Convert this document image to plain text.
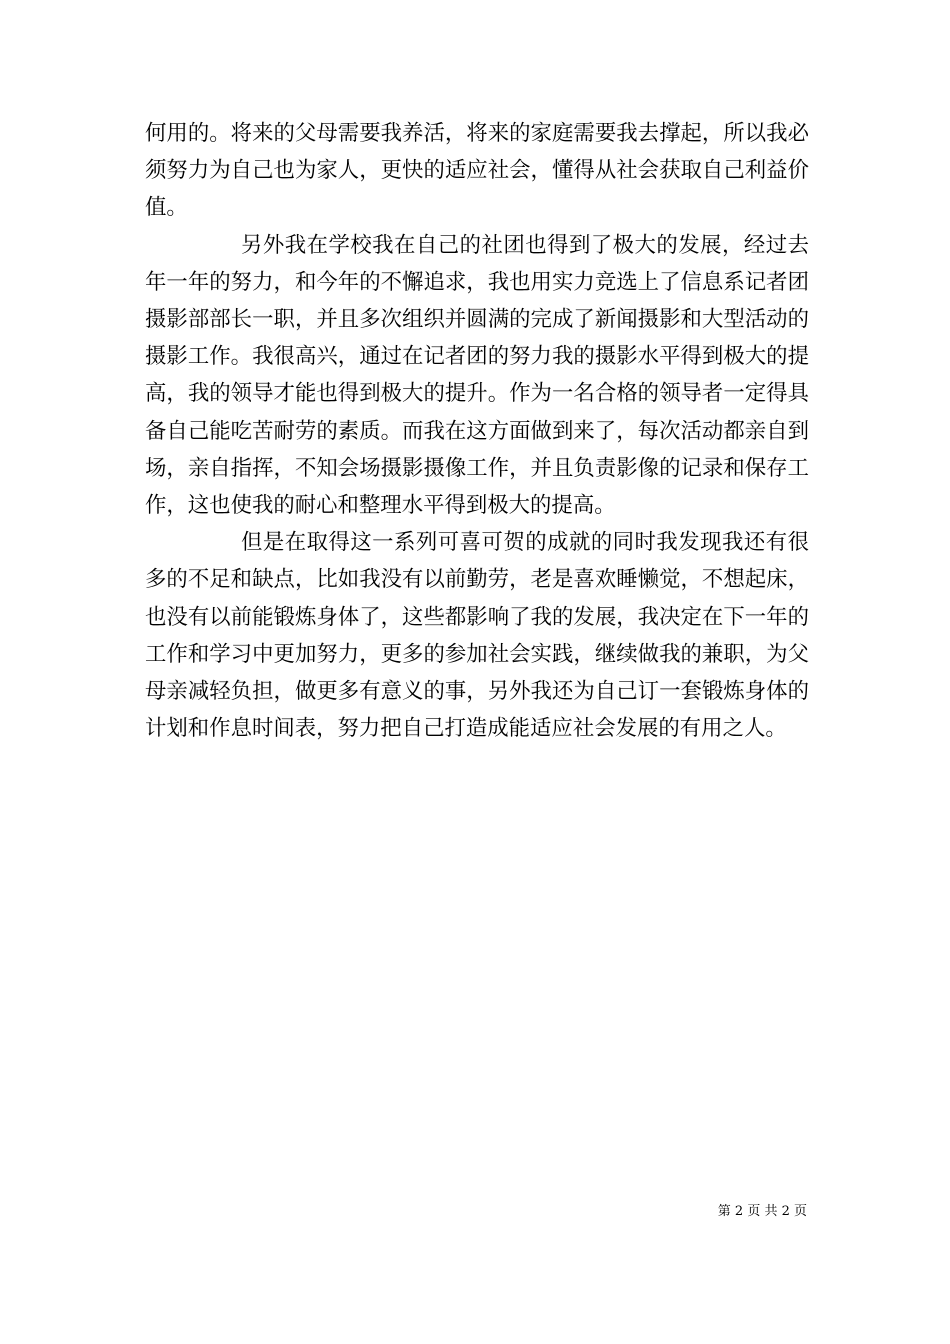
何用的。将来的父母需要我养活，将来的家庭需要我去撑起，所以我必须努力为自己也为家人，更快的适应社会，懂得从社会获取自己利益价值。

另外我在学校我在自己的社团也得到了极大的发展，经过去年一年的努力，和今年的不懈追求，我也用实力竞选上了信息系记者团摄影部部长一职，并且多次组织并圆满的完成了新闻摄影和大型活动的摄影工作。我很高兴，通过在记者团的努力我的摄影水平得到极大的提高，我的领导才能也得到极大的提升。作为一名合格的领导者一定得具备自己能吃苦耐劳的素质。而我在这方面做到来了，每次活动都亲自到场，亲自指挥，不知会场摄影摄像工作，并且负责影像的记录和保存工作，这也使我的耐心和整理水平得到极大的提高。

但是在取得这一系列可喜可贺的成就的同时我发现我还有很多的不足和缺点，比如我没有以前勤劳，老是喜欢睡懒觉，不想起床，也没有以前能锻炼身体了，这些都影响了我的发展，我决定在下一年的工作和学习中更加努力，更多的参加社会实践，继续做我的兼职，为父母亲减轻负担，做更多有意义的事，另外我还为自己订一套锻炼身体的计划和作息时间表，努力把自己打造成能适应社会发展的有用之人。

第 2 页 共 2 页
